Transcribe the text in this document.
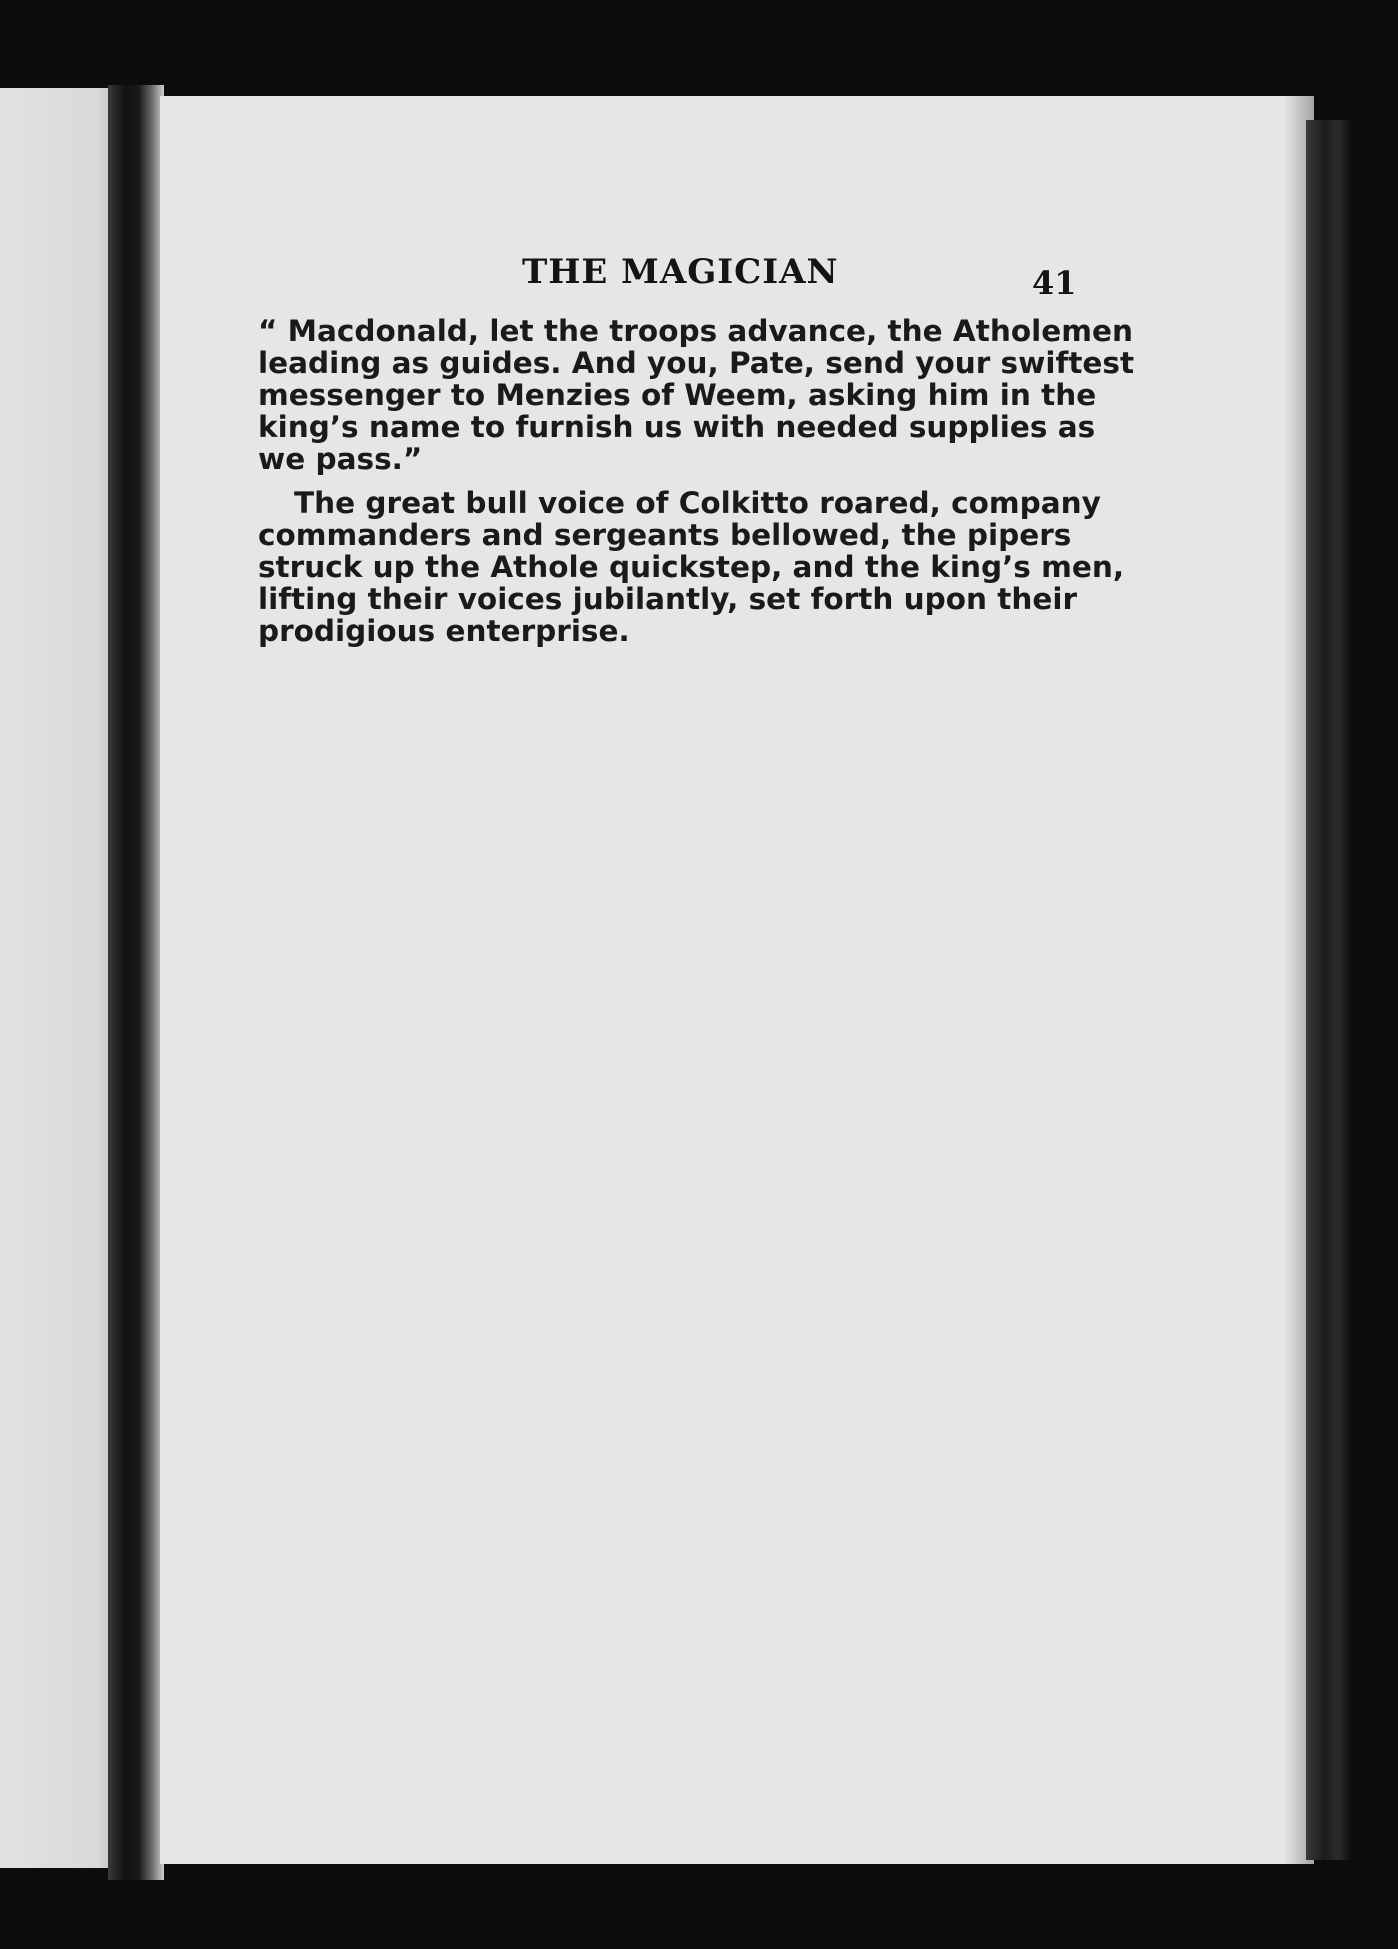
THE MAGICIAN	41

“ Macdonald, let the troops advance, the Atholemen
leading as guides. And you, Pate, send your swiftest
messenger to Menzies of Weem, asking him in the
king’s name to furnish us with needed supplies as
we pass.”

The great bull voice of Colkitto roared, company
commanders and sergeants bellowed, the pipers
struck up the Athole quickstep, and the king’s men,
lifting their voices jubilantly, set forth upon their
prodigious enterprise.
